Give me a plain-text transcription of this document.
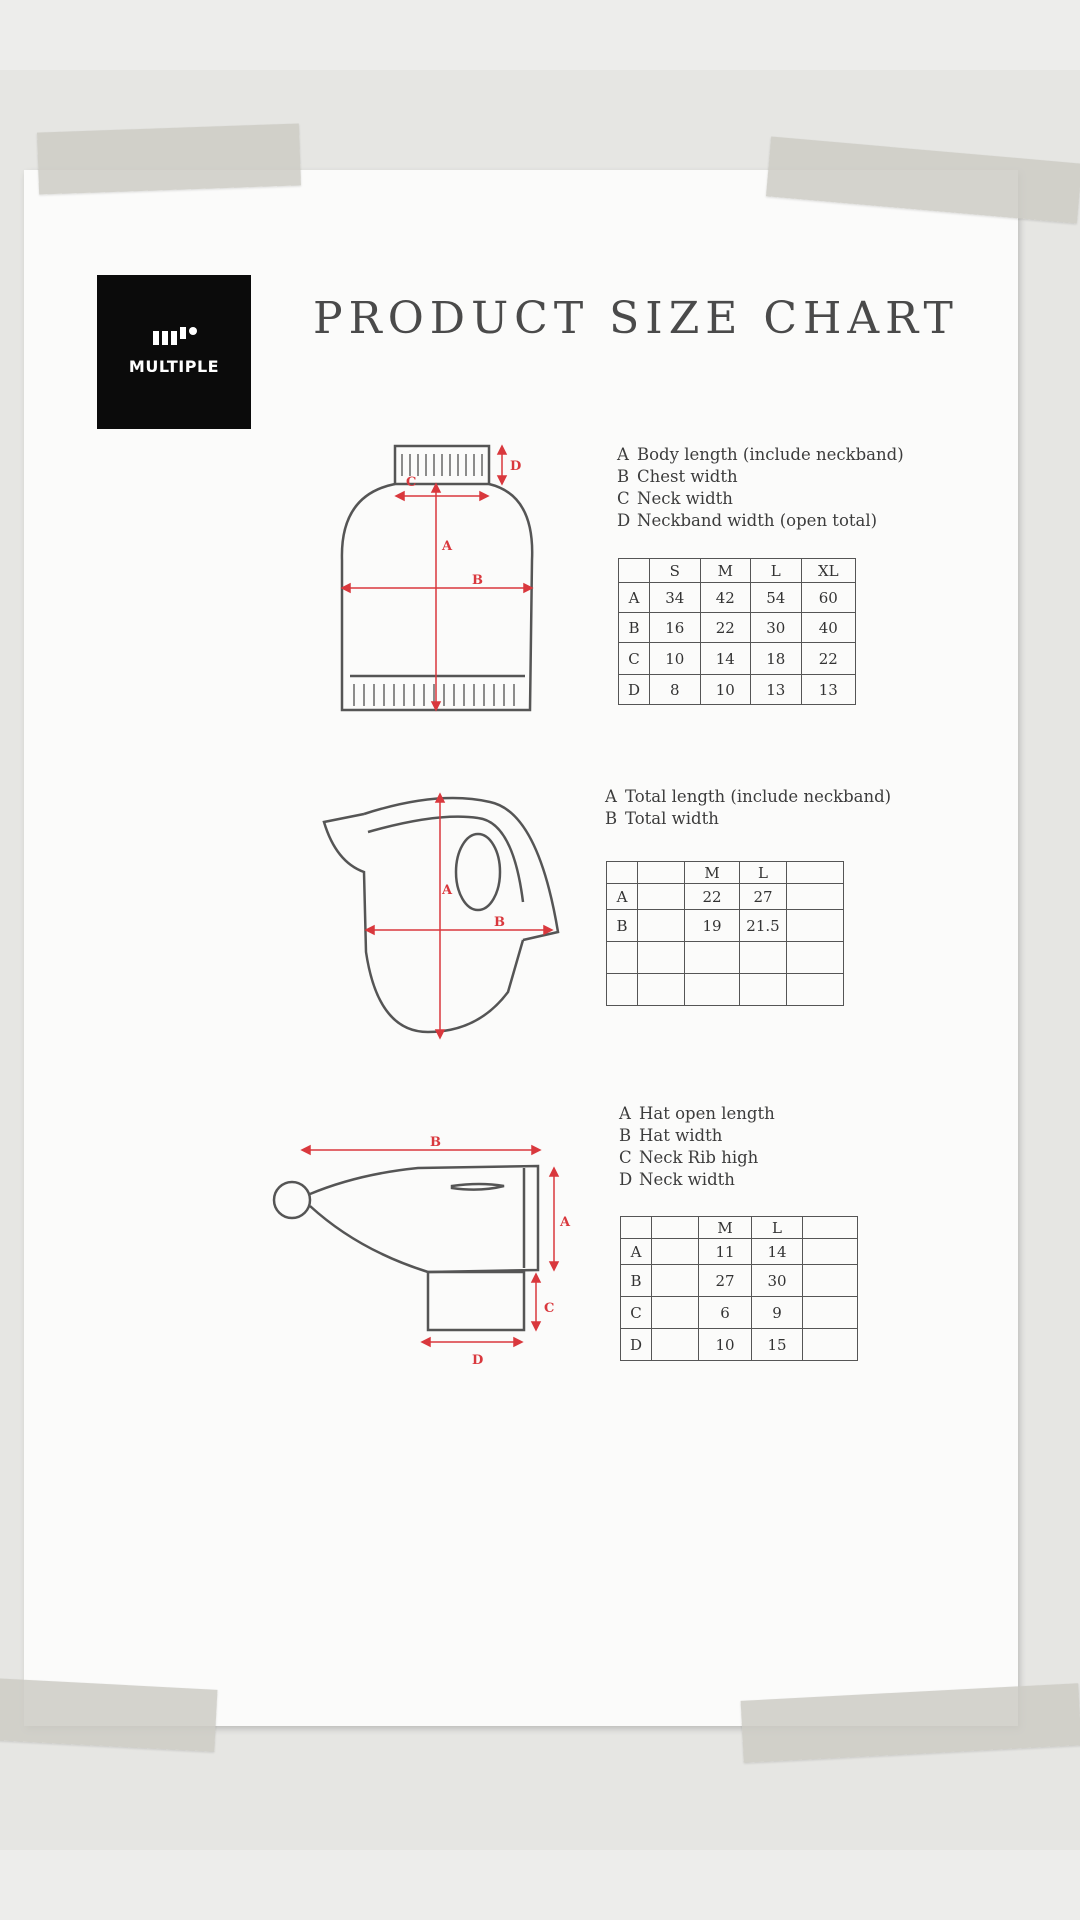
MULTIPLE
PRODUCT SIZE CHART
A
B
C
D
A Body length (include neckband)
B Chest width
C Neck width
D Neckband width (open total)
	S	M	L	XL
A	34	42	54	60
B	16	22	30	40
C	10	14	18	22
D	8	10	13	13
A
B
A Total length (include neckband)
B Total width
		M	L	
A		22	27	
B		19	21.5	

A
B
C
D
A Hat open length
B Hat width
C Neck Rib high
D Neck width
		M	L	
A		11	14	
B		27	30	
C		6	9	
D		10	15	
